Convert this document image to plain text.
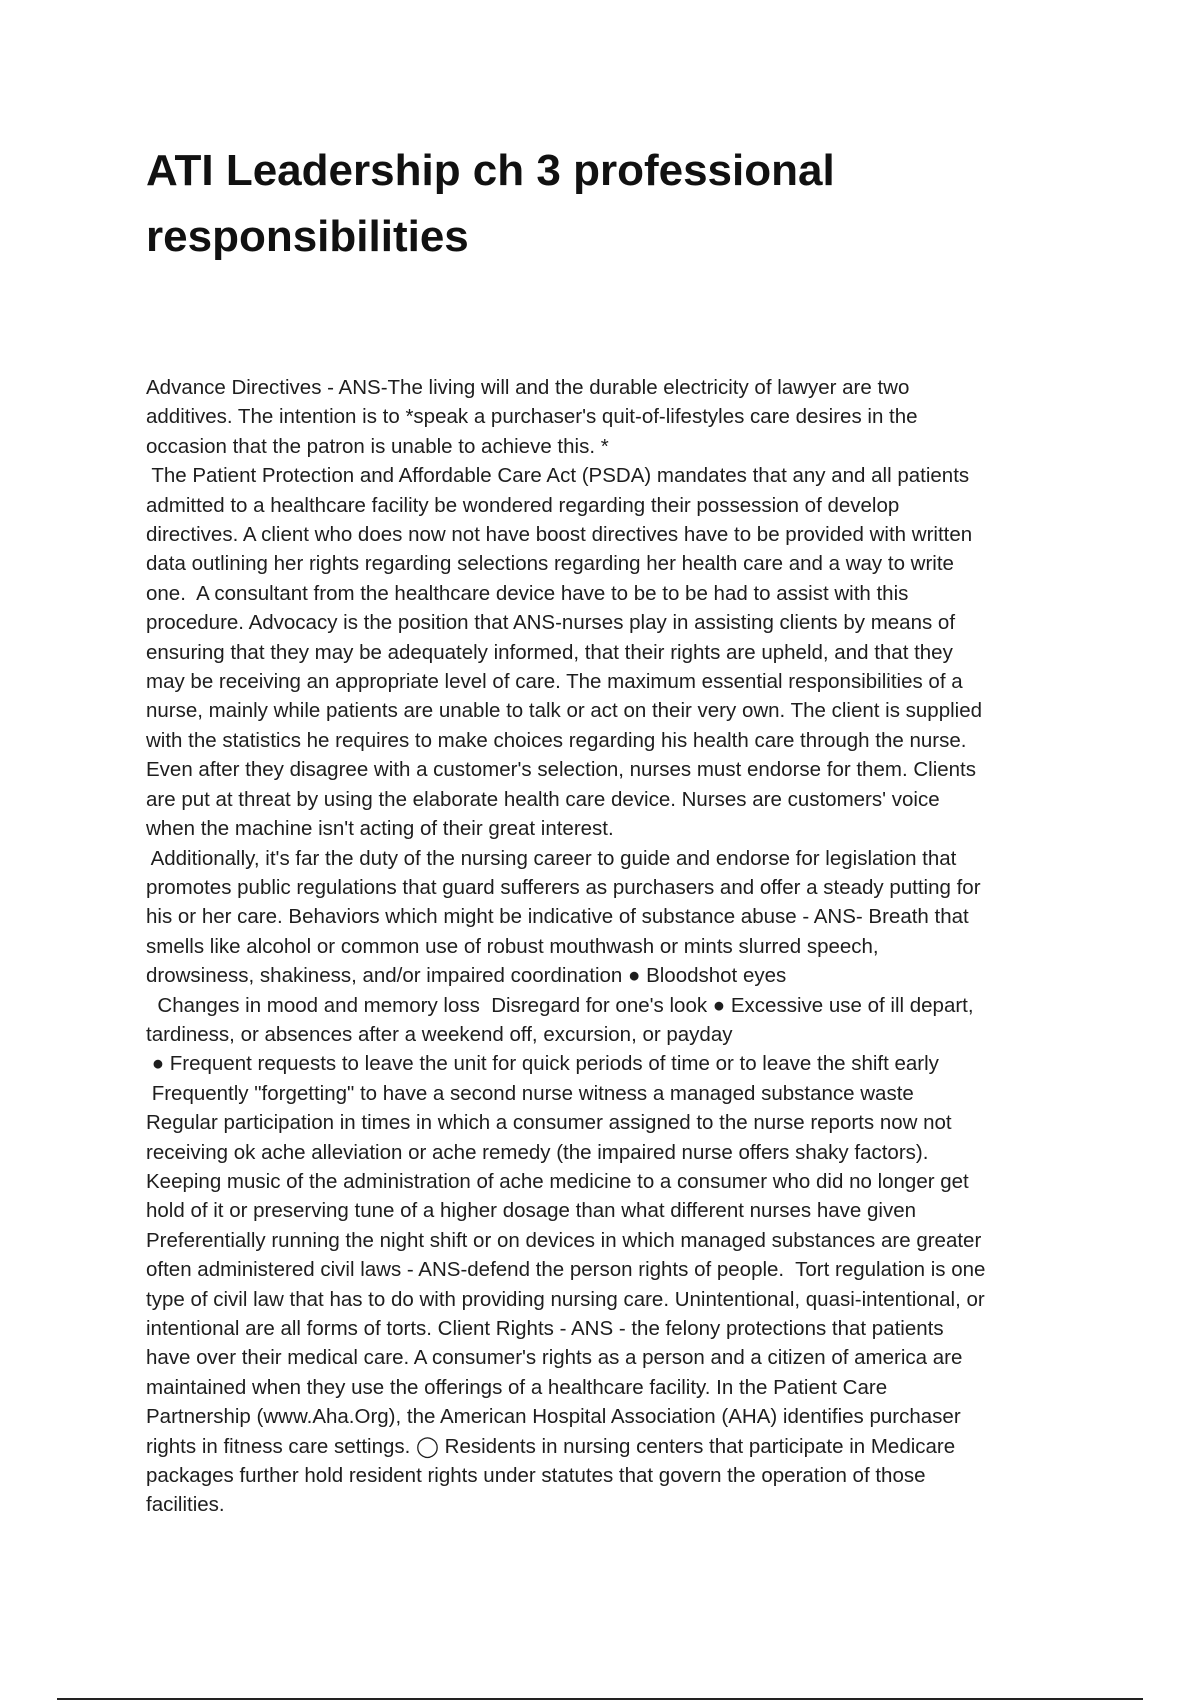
ATI Leadership ch 3 professional
responsibilities
Advance Directives - ANS-The living will and the durable electricity of lawyer are two
additives. The intention is to *speak a purchaser's quit-of-lifestyles care desires in the
occasion that the patron is unable to achieve this. *
The Patient Protection and Affordable Care Act (PSDA) mandates that any and all patients
admitted to a healthcare facility be wondered regarding their possession of develop
directives. A client who does now not have boost directives have to be provided with written
data outlining her rights regarding selections regarding her health care and a way to write
one.  A consultant from the healthcare device have to be to be had to assist with this
procedure. Advocacy is the position that ANS-nurses play in assisting clients by means of
ensuring that they may be adequately informed, that their rights are upheld, and that they
may be receiving an appropriate level of care. The maximum essential responsibilities of a
nurse, mainly while patients are unable to talk or act on their very own. The client is supplied
with the statistics he requires to make choices regarding his health care through the nurse.
Even after they disagree with a customer's selection, nurses must endorse for them. Clients
are put at threat by using the elaborate health care device. Nurses are customers' voice
when the machine isn't acting of their great interest.
Additionally, it's far the duty of the nursing career to guide and endorse for legislation that
promotes public regulations that guard sufferers as purchasers and offer a steady putting for
his or her care. Behaviors which might be indicative of substance abuse - ANS- Breath that
smells like alcohol or common use of robust mouthwash or mints slurred speech,
drowsiness, shakiness, and/or impaired coordination ● Bloodshot eyes
Changes in mood and memory loss  Disregard for one's look ● Excessive use of ill depart,
tardiness, or absences after a weekend off, excursion, or payday
● Frequent requests to leave the unit for quick periods of time or to leave the shift early
Frequently "forgetting" to have a second nurse witness a managed substance waste
Regular participation in times in which a consumer assigned to the nurse reports now not
receiving ok ache alleviation or ache remedy (the impaired nurse offers shaky factors).
Keeping music of the administration of ache medicine to a consumer who did no longer get
hold of it or preserving tune of a higher dosage than what different nurses have given
Preferentially running the night shift or on devices in which managed substances are greater
often administered civil laws - ANS-defend the person rights of people.  Tort regulation is one
type of civil law that has to do with providing nursing care. Unintentional, quasi-intentional, or
intentional are all forms of torts. Client Rights - ANS - the felony protections that patients
have over their medical care. A consumer's rights as a person and a citizen of america are
maintained when they use the offerings of a healthcare facility. In the Patient Care
Partnership (www.Aha.Org), the American Hospital Association (AHA) identifies purchaser
rights in fitness care settings. ◯ Residents in nursing centers that participate in Medicare
packages further hold resident rights under statutes that govern the operation of those
facilities.
